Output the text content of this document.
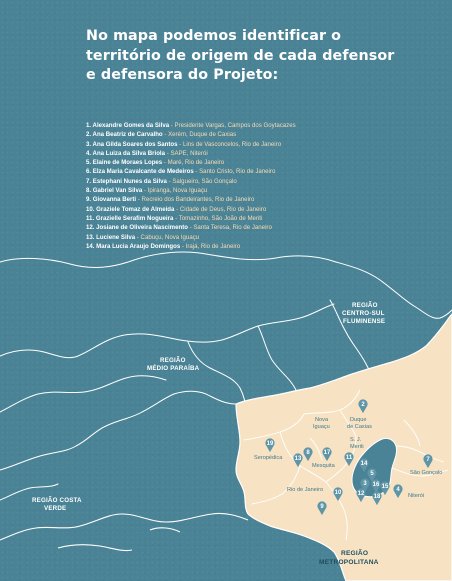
No mapa podemos identificar o
território de origem de cada defensor
e defensora do Projeto:
1. Alexandre Gomes da Silva - Presidente Vargas, Campos dos Goytacazes
2. Ana Beatriz de Carvalho - Xerém, Duque de Caxias
3. Ana Gilda Soares dos Santos - Lins de Vasconcelos, Rio de Janeiro
4. Ana Luiza da Silva Briola - SAPE, Niterói
5. Elaine de Moraes Lopes - Maré, Rio de Janeiro
6. Elza Maria Cavalcante de Medeiros - Santo Cristo, Rio de Janeiro
7. Estephani Nunes da Silva - Salgueiro, São Gonçalo
8. Gabriel Van Silva - Ipiranga, Nova Iguaçu
9. Giovanna Berti - Recreio dos Bandeirantes, Rio de Janeiro
10. Graziele Tomaz de Almeida - Cidade de Deus, Rio de Janeiro
11. Grazielle Serafim Nogueira - Tomazinho, São João de Meriti
12. Josiane de Oliveira Nascimento - Santa Teresa, Rio de Janeiro
13. Luciene Silva - Cabuçu, Nova Iguaçu
14. Mara Lucia Araujo Domingos - Irajá, Rio de Janeiro
REGIÃO
CENTRO-SUL
FLUMINENSE
REGIÃO
MÉDIO PARAÍBA
REGIÃO COSTA
VERDE
REGIÃO
METROPOLITANA
Nova
Iguaçu
Duque
de Caxias
S. J.
Meriti
Seropédica
Mesquita
Rio de Janeiro
São Gonçalo
Niterói
2
19
13
8 17
11
14
5
3
10	12
9
16 15
18
7
4
